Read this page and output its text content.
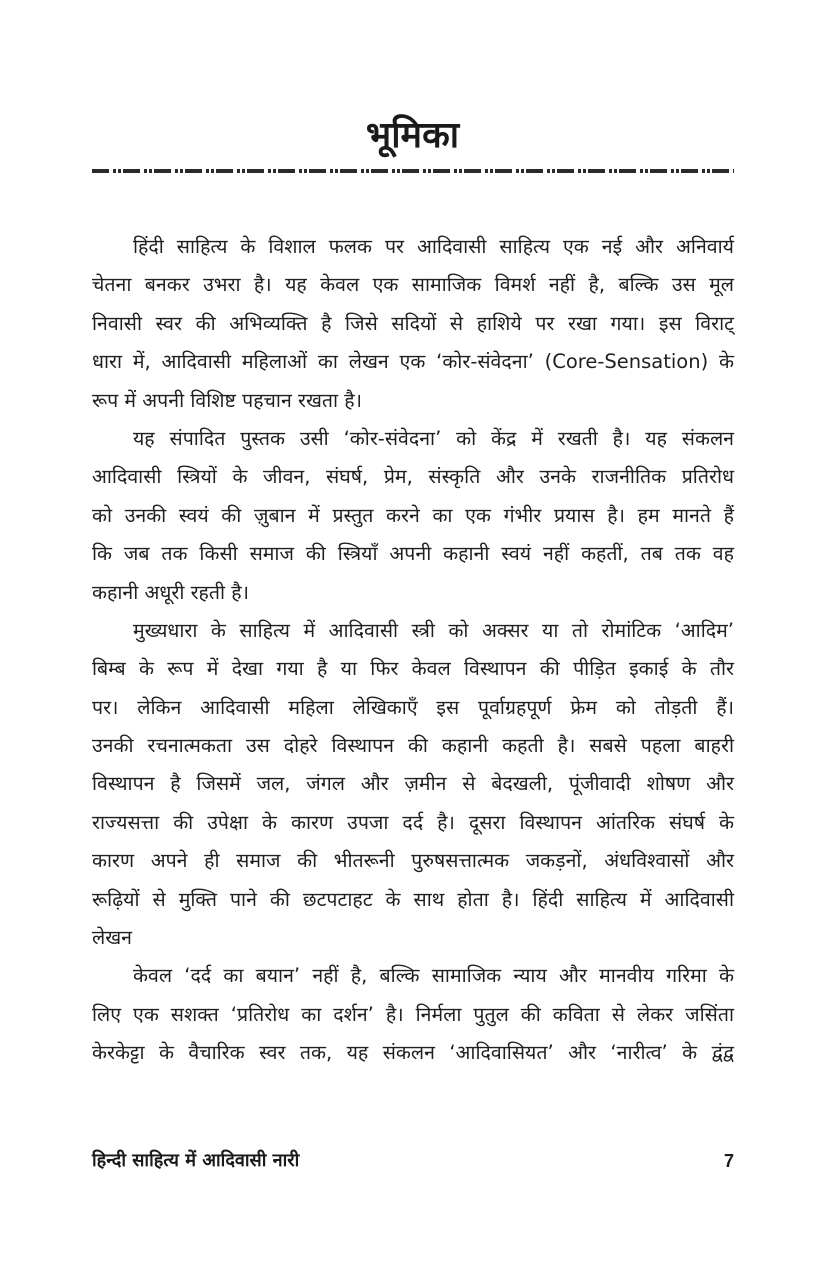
भूमिका
हिंदी साहित्य के विशाल फलक पर आदिवासी साहित्य एक नई और अनिवार्य
चेतना बनकर उभरा है। यह केवल एक सामाजिक विमर्श नहीं है, बल्कि उस मूल
निवासी स्वर की अभिव्यक्ति है जिसे सदियों से हाशिये पर रखा गया। इस विराट्
धारा में, आदिवासी महिलाओं का लेखन एक ‘कोर-संवेदना’ (Core-Sensation) के
रूप में अपनी विशिष्ट पहचान रखता है।
यह संपादित पुस्तक उसी ‘कोर-संवेदना’ को केंद्र में रखती है। यह संकलन
आदिवासी स्त्रियों के जीवन, संघर्ष, प्रेम, संस्कृति और उनके राजनीतिक प्रतिरोध
को उनकी स्वयं की ज़ुबान में प्रस्तुत करने का एक गंभीर प्रयास है। हम मानते हैं
कि जब तक किसी समाज की स्त्रियाँ अपनी कहानी स्वयं नहीं कहतीं, तब तक वह
कहानी अधूरी रहती है।
मुख्यधारा के साहित्य में आदिवासी स्त्री को अक्सर या तो रोमांटिक ‘आदिम’
बिम्ब के रूप में देखा गया है या फिर केवल विस्थापन की पीड़ित इकाई के तौर
पर। लेकिन आदिवासी महिला लेखिकाएँ इस पूर्वाग्रहपूर्ण फ्रेम को तोड़ती हैं।
उनकी रचनात्मकता उस दोहरे विस्थापन की कहानी कहती है। सबसे पहला बाहरी
विस्थापन है जिसमें जल, जंगल और ज़मीन से बेदखली, पूंजीवादी शोषण और
राज्यसत्ता की उपेक्षा के कारण उपजा दर्द है। दूसरा विस्थापन आंतरिक संघर्ष के
कारण अपने ही समाज की भीतरूनी पुरुषसत्तात्मक जकड़नों, अंधविश्वासों और
रूढ़ियों से मुक्ति पाने की छटपटाहट के साथ होता है। हिंदी साहित्य में आदिवासी
लेखन
केवल ‘दर्द का बयान’ नहीं है, बल्कि सामाजिक न्याय और मानवीय गरिमा के
लिए एक सशक्त ‘प्रतिरोध का दर्शन’ है। निर्मला पुतुल की कविता से लेकर जसिंता
केरकेट्टा के वैचारिक स्वर तक, यह संकलन ‘आदिवासियत’ और ‘नारीत्व’ के द्वंद्व
हिन्दी साहित्य में आदिवासी नारी	7
